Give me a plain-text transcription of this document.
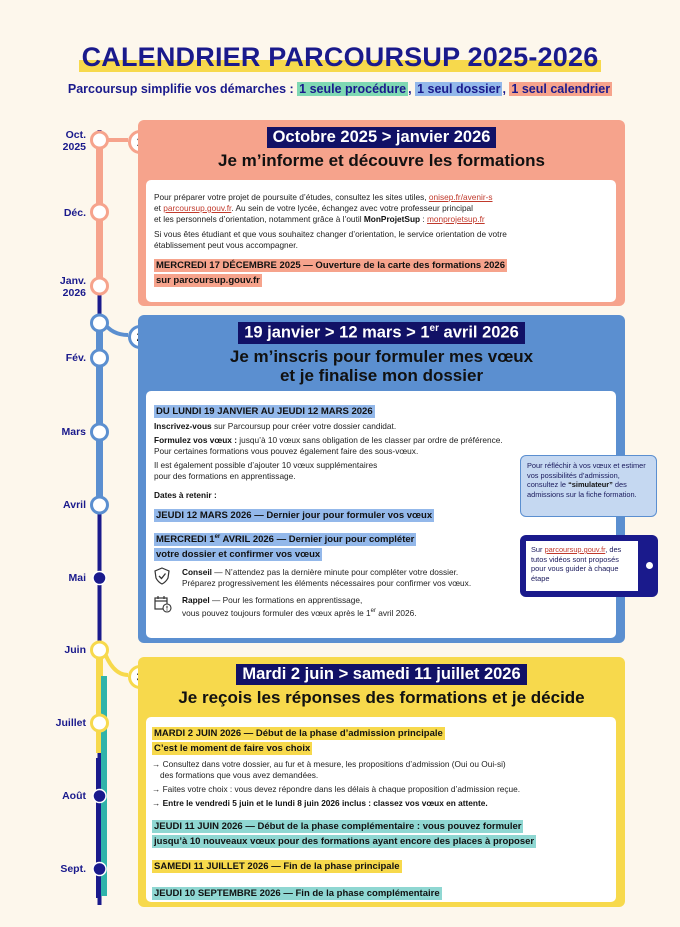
CALENDRIER PARCOURSUP 2025-2026
Parcoursup simplifie vos démarches : 1 seule procédure , 1 seul dossier , 1 seul calendrier
Oct.
2025
Déc.
Janv.
2026
Fév.
Mars
Avril
Mai
Juin
Juillet
Août
Sept.
Octobre 2025 > janvier 2026
Je m’informe et découvre les formations
Pour préparer votre projet de poursuite d’études, consultez les sites utiles, onisep.fr/avenir-s
et parcoursup.gouv.fr. Au sein de votre lycée, échangez avec votre professeur principal
et les personnels d’orientation, notamment grâce à l’outil MonProjetSup : monprojetsup.fr
Si vous êtes étudiant et que vous souhaitez changer d’orientation, le service orientation de votre établissement peut vous accompagner.
MERCREDI 17 DÉCEMBRE 2025 — Ouverture de la carte des formations 2026
sur parcoursup.gouv.fr
19 janvier > 12 mars > 1er avril 2026
Je m’inscris pour formuler mes vœux
et je finalise mon dossier
DU LUNDI 19 JANVIER AU JEUDI 12 MARS 2026
Inscrivez-vous sur Parcoursup pour créer votre dossier candidat.
Formulez vos vœux : jusqu’à 10 vœux sans obligation de les classer par ordre de préférence.
Pour certaines formations vous pouvez également faire des sous-vœux.
Il est également possible d’ajouter 10 vœux supplémentaires
pour des formations en apprentissage.
Dates à retenir :
JEUDI 12 MARS 2026 — Dernier jour pour formuler vos vœux
MERCREDI 1er AVRIL 2026 — Dernier jour pour compléter
votre dossier et confirmer vos vœux
Conseil — N’attendez pas la dernière minute pour compléter votre dossier.
Préparez progressivement les éléments nécessaires pour confirmer vos vœux.
Rappel — Pour les formations en apprentissage,
vous pouvez toujours formuler des vœux après le 1er avril 2026.
Pour réfléchir à vos vœux et estimer vos possibilités d’admission, consultez le “simulateur” des admissions sur la fiche formation.
Sur parcoursup.gouv.fr, des tutos vidéos sont proposés pour vous guider à chaque étape
Mardi 2 juin > samedi 11 juillet 2026
Je reçois les réponses des formations et je décide
MARDI 2 JUIN 2026 — Début de la phase d’admission principale
C’est le moment de faire vos choix
→ Consultez dans votre dossier, au fur et à mesure, les propositions d’admission (Oui ou Oui-si)
des formations que vous avez demandées.
→ Faites votre choix : vous devez répondre dans les délais à chaque proposition d’admission reçue.
→ Entre le vendredi 5 juin et le lundi 8 juin 2026 inclus : classez vos vœux en attente.
JEUDI 11 JUIN 2026 — Début de la phase complémentaire : vous pouvez formuler
jusqu’à 10 nouveaux vœux pour des formations ayant encore des places à proposer
SAMEDI 11 JUILLET 2026 — Fin de la phase principale
JEUDI 10 SEPTEMBRE 2026 — Fin de la phase complémentaire
